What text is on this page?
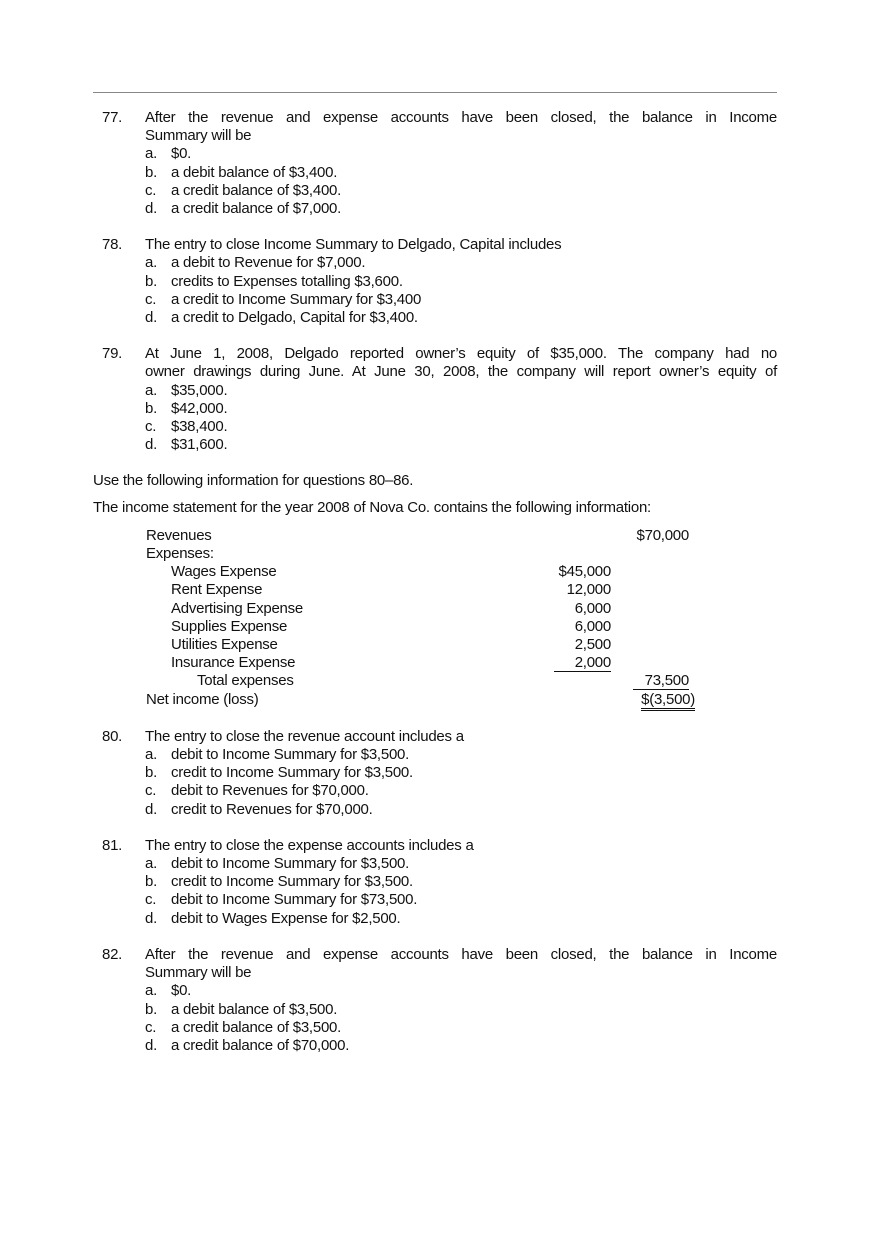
77. After the revenue and expense accounts have been closed, the balance in Income
Summary will be
a. $0.
b. a debit balance of $3,400.
c. a credit balance of $3,400.
d. a credit balance of $7,000.
78. The entry to close Income Summary to Delgado, Capital includes
a. a debit to Revenue for $7,000.
b. credits to Expenses totalling $3,600.
c. a credit to Income Summary for $3,400
d. a credit to Delgado, Capital for $3,400.
79. At June 1, 2008, Delgado reported owner’s equity of $35,000. The company had no
owner drawings during June. At June 30, 2008, the company will report owner’s equity of
a. $35,000.
b. $42,000.
c. $38,400.
d. $31,600.
Use the following information for questions 80–86.
The income statement for the year 2008 of Nova Co. contains the following information:
Revenues	$70,000
Expenses:
Wages Expense	$45,000
Rent Expense	12,000
Advertising Expense	6,000
Supplies Expense	6,000
Utilities Expense	2,500
Insurance Expense	2,000
Total expenses	73,500
Net income (loss)	$(3,500)
80. The entry to close the revenue account includes a
a. debit to Income Summary for $3,500.
b. credit to Income Summary for $3,500.
c. debit to Revenues for $70,000.
d. credit to Revenues for $70,000.
81. The entry to close the expense accounts includes a
a. debit to Income Summary for $3,500.
b. credit to Income Summary for $3,500.
c. debit to Income Summary for $73,500.
d. debit to Wages Expense for $2,500.
82. After the revenue and expense accounts have been closed, the balance in Income
Summary will be
a. $0.
b. a debit balance of $3,500.
c. a credit balance of $3,500.
d. a credit balance of $70,000.
